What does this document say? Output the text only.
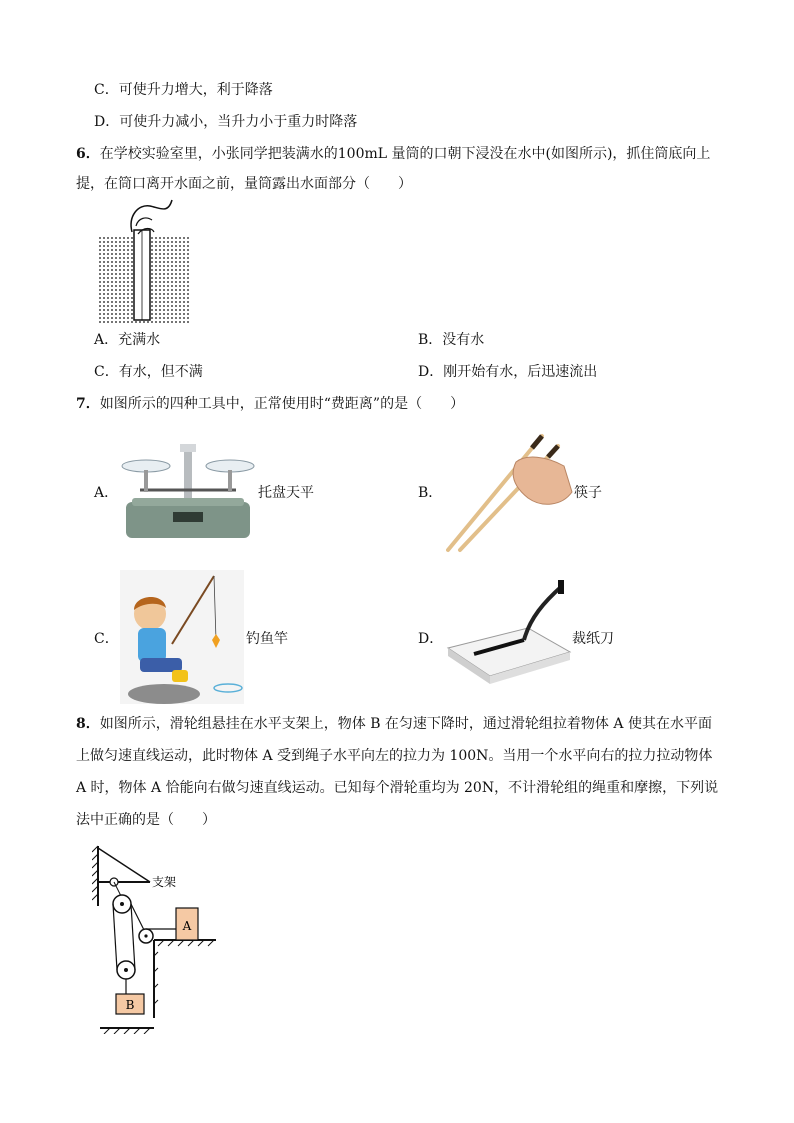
C．可使升力增大，利于降落
D．可使升力减小，当升力小于重力时降落
6．在学校实验室里，小张同学把装满水的100mL 量筒的口朝下浸没在水中(如图所示)，抓住筒底向上
提，在筒口离开水面之前，量筒露出水面部分（　　）
A．充满水	B．没有水
C．有水，但不满	D．刚开始有水，后迅速流出
7．如图所示的四种工具中，正常使用时“费距离”的是（　　）
A．	托盘天平	B．	筷子
C．	钓鱼竿	D．	裁纸刀
8．如图所示，滑轮组悬挂在水平支架上，物体 B 在匀速下降时，通过滑轮组拉着物体 A 使其在水平面
上做匀速直线运动，此时物体 A 受到绳子水平向左的拉力为 100N。当用一个水平向右的拉力拉动物体
A 时，物体 A 恰能向右做匀速直线运动。已知每个滑轮重均为 20N，不计滑轮组的绳重和摩擦，下列说
法中正确的是（　　）
支架
A
B
